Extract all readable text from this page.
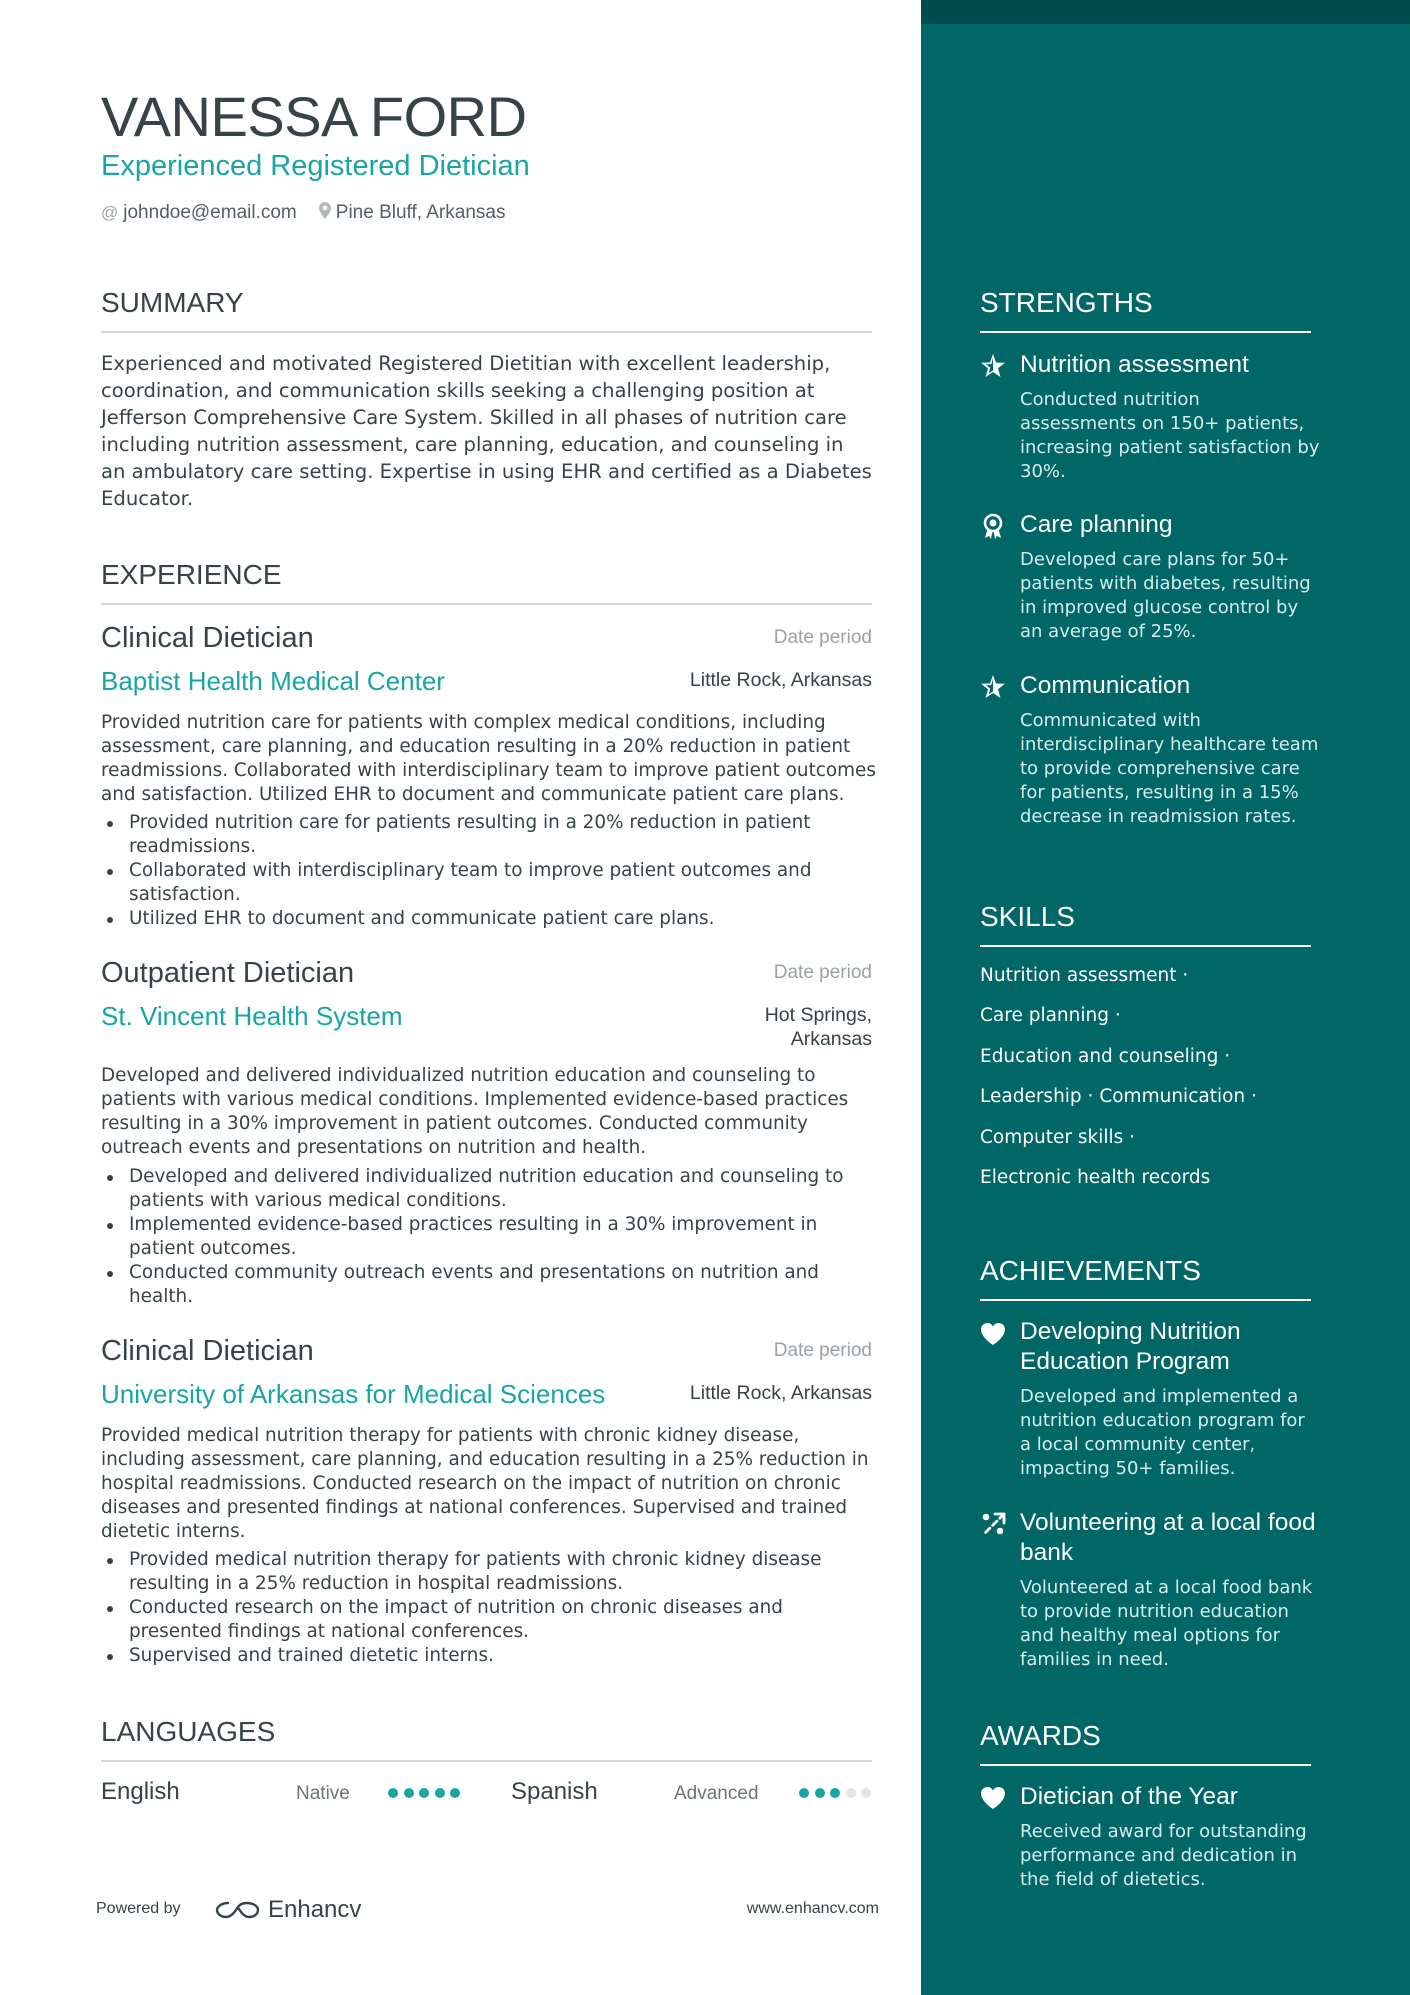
VANESSA FORD
Experienced Registered Dietician
@ johndoe@email.com Pine Bluff, Arkansas
SUMMARY
Experienced and motivated Registered Dietitian with excellent leadership, coordination, and communication skills seeking a challenging position at Jefferson Comprehensive Care System. Skilled in all phases of nutrition care including nutrition assessment, care planning, education, and counseling in an ambulatory care setting. Expertise in using EHR and certified as a Diabetes Educator.
EXPERIENCE
Clinical Dietician	Date period
Baptist Health Medical Center	Little Rock, Arkansas
Provided nutrition care for patients with complex medical conditions, including assessment, care planning, and education resulting in a 20% reduction in patient readmissions. Collaborated with interdisciplinary team to improve patient outcomes and satisfaction. Utilized EHR to document and communicate patient care plans.
Provided nutrition care for patients resulting in a 20% reduction in patient readmissions.
Collaborated with interdisciplinary team to improve patient outcomes and satisfaction.
Utilized EHR to document and communicate patient care plans.
Outpatient Dietician	Date period
St. Vincent Health System	Hot Springs,
Arkansas
Developed and delivered individualized nutrition education and counseling to patients with various medical conditions. Implemented evidence-based practices resulting in a 30% improvement in patient outcomes. Conducted community outreach events and presentations on nutrition and health.
Developed and delivered individualized nutrition education and counseling to patients with various medical conditions.
Implemented evidence-based practices resulting in a 30% improvement in patient outcomes.
Conducted community outreach events and presentations on nutrition and health.
Clinical Dietician	Date period
University of Arkansas for Medical Sciences	Little Rock, Arkansas
Provided medical nutrition therapy for patients with chronic kidney disease, including assessment, care planning, and education resulting in a 25% reduction in hospital readmissions. Conducted research on the impact of nutrition on chronic diseases and presented findings at national conferences. Supervised and trained dietetic interns.
Provided medical nutrition therapy for patients with chronic kidney disease resulting in a 25% reduction in hospital readmissions.
Conducted research on the impact of nutrition on chronic diseases and presented findings at national conferences.
Supervised and trained dietetic interns.
LANGUAGES
English	Native	Spanish	Advanced
Powered by	Enhancv	www.enhancv.com
STRENGTHS
Nutrition assessment
Conducted nutrition assessments on 150+ patients, increasing patient satisfaction by 30%.
Care planning
Developed care plans for 50+ patients with diabetes, resulting in improved glucose control by an average of 25%.
Communication
Communicated with interdisciplinary healthcare team to provide comprehensive care for patients, resulting in a 15% decrease in readmission rates.
SKILLS
Nutrition assessment ·
Care planning ·
Education and counseling ·
Leadership · Communication ·
Computer skills ·
Electronic health records
ACHIEVEMENTS
Developing Nutrition Education Program
Developed and implemented a nutrition education program for a local community center, impacting 50+ families.
Volunteering at a local food bank
Volunteered at a local food bank to provide nutrition education and healthy meal options for families in need.
AWARDS
Dietician of the Year
Received award for outstanding performance and dedication in the field of dietetics.
